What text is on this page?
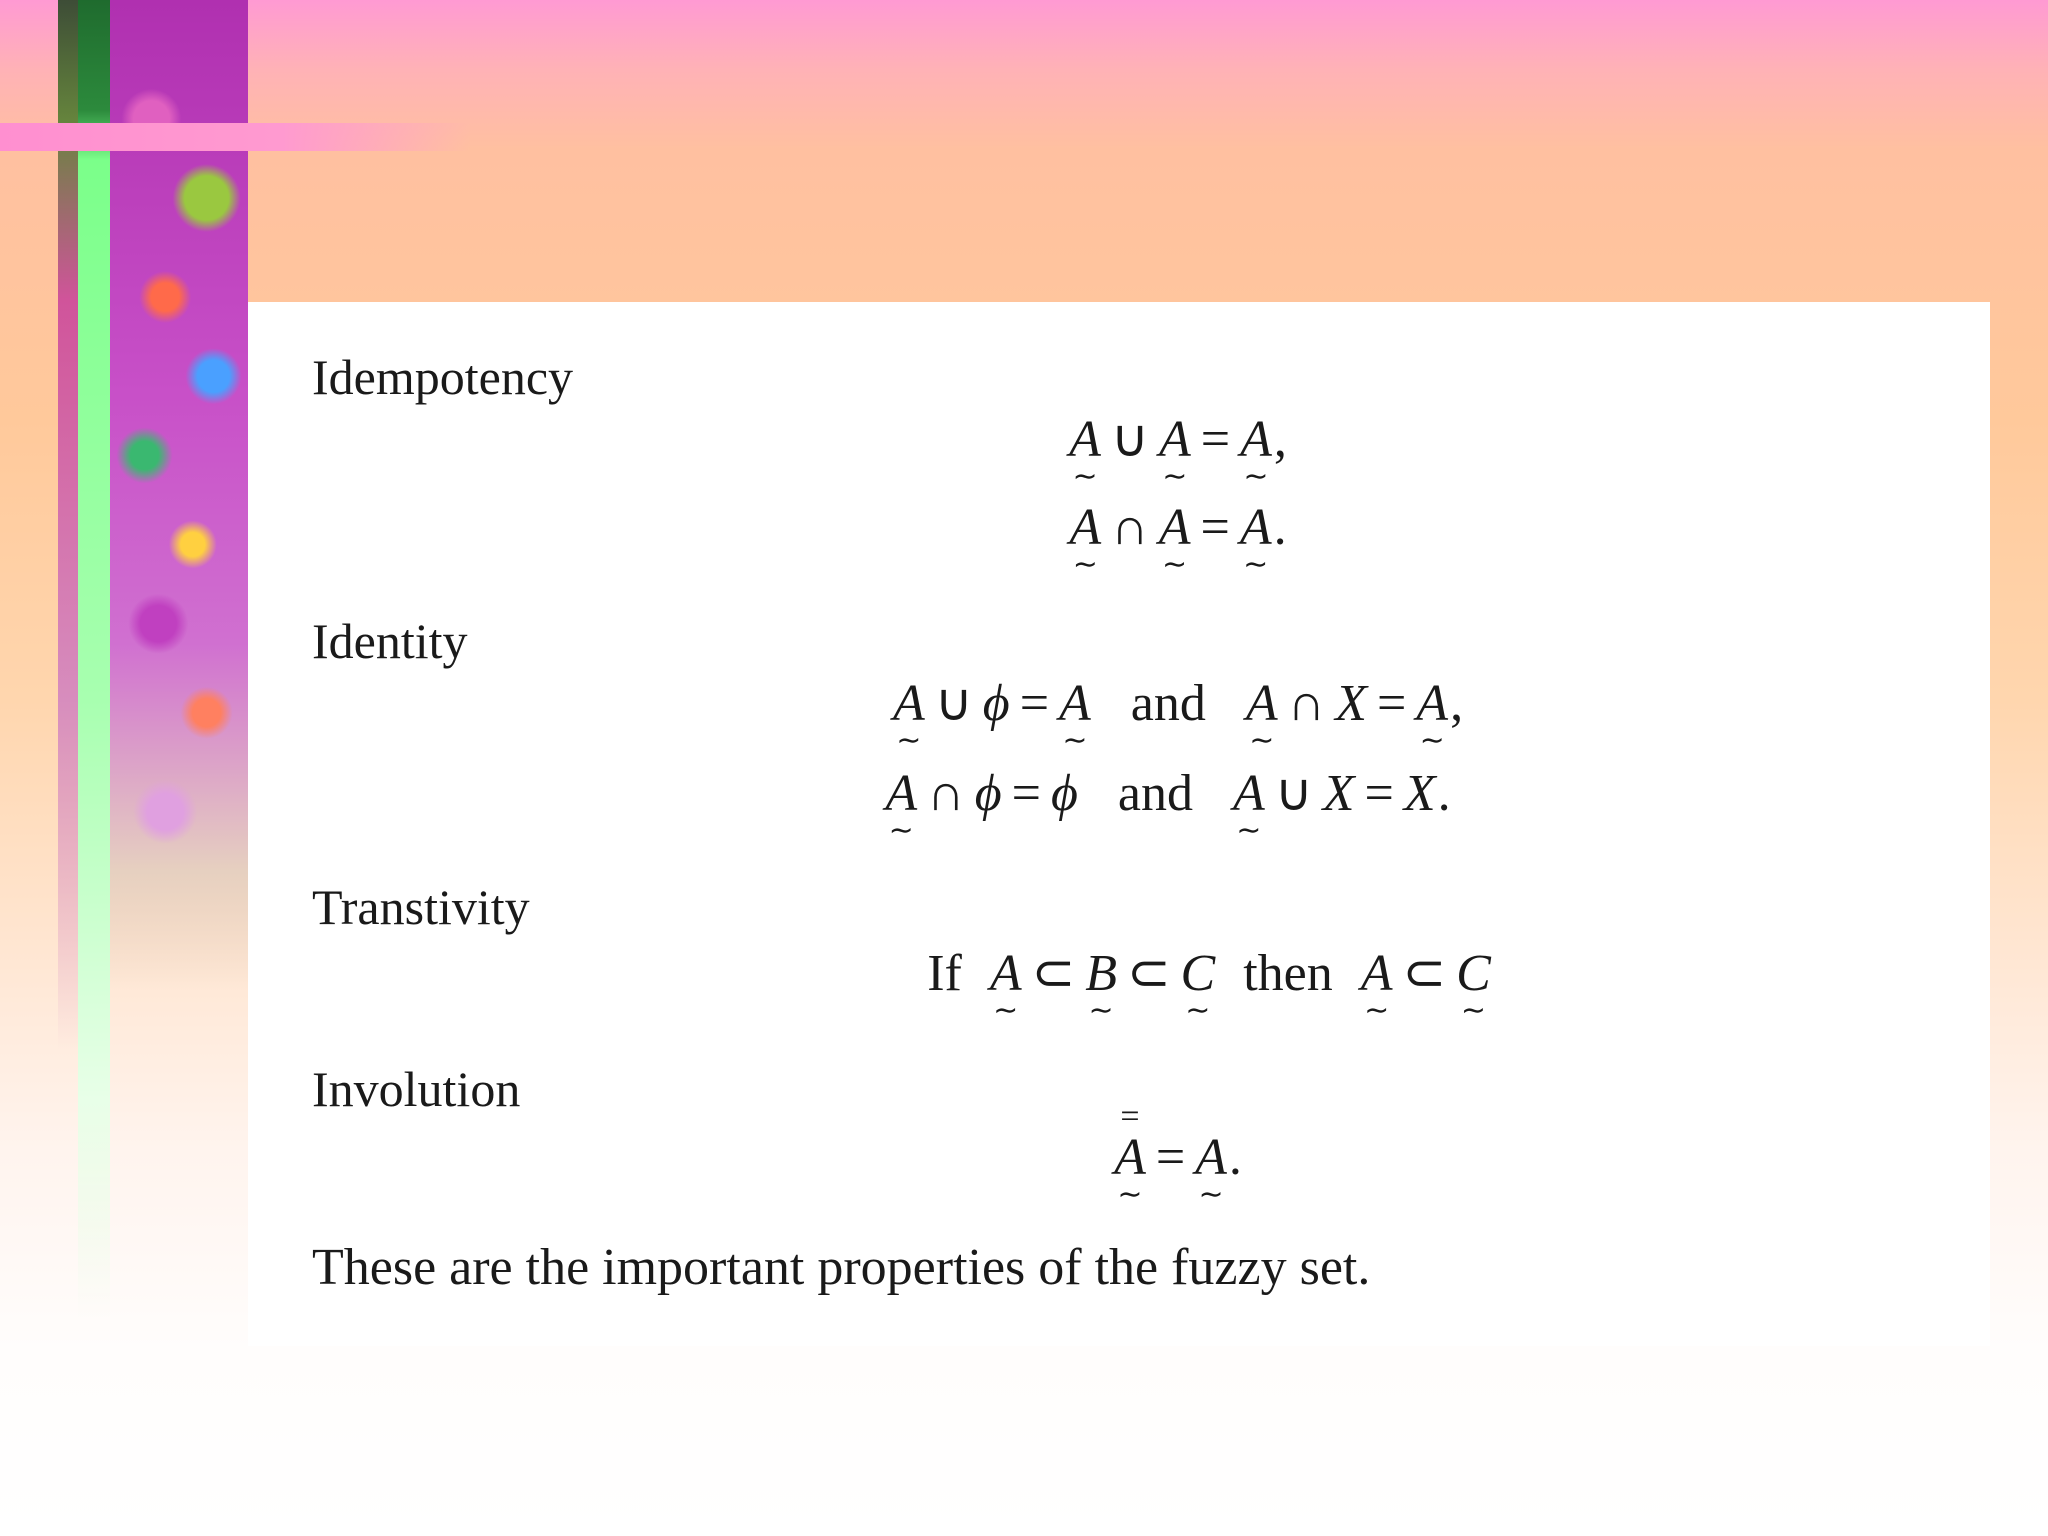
Idempotency
A
∼
∪ A
∼
= A
∼
,
A
∼
∩ A
∼
= A
∼
.
Identity
A
∼
∪ ϕ = A
∼
and A
∼
∩ X = A
∼
,
A
∼
∩ ϕ = ϕ and A
∼
∪ X = X .
Transtivity
If A
∼
⊂ B
∼
⊂ C
∼
then A
∼
⊂ C
∼
Involution	=
A
∼
= A
∼
.
These are the important properties of the fuzzy set.
